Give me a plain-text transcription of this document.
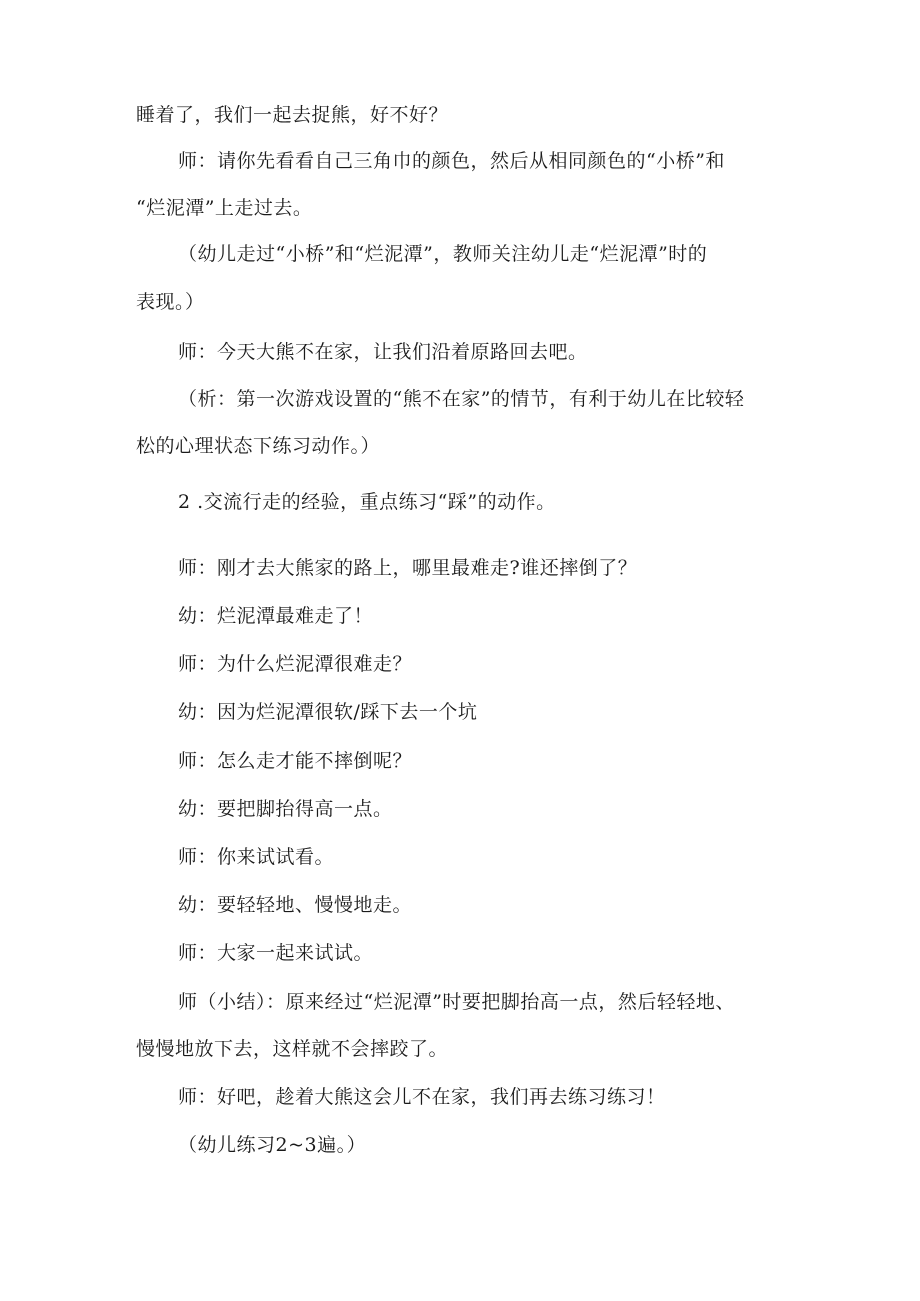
睡着了，我们一起去捉熊，好不好？
师：请你先看看自己三角巾的颜色，然后从相同颜色的“小桥”和
“烂泥潭”上走过去。
（幼儿走过“小桥”和“烂泥潭”，教师关注幼儿走“烂泥潭”时的
表现。）
师：今天大熊不在家，让我们沿着原路回去吧。
（析：第一次游戏设置的“熊不在家”的情节，有利于幼儿在比较轻
松的心理状态下练习动作。）
2 .交流行走的经验，重点练习“踩”的动作。
师：刚才去大熊家的路上，哪里最难走?谁还摔倒了？
幼：烂泥潭最难走了！
师：为什么烂泥潭很难走？
幼：因为烂泥潭很软/踩下去一个坑
师：怎么走才能不摔倒呢？
幼：要把脚抬得高一点。
师：你来试试看。
幼：要轻轻地、慢慢地走。
师：大家一起来试试。
师（小结）：原来经过“烂泥潭”时要把脚抬高一点，然后轻轻地、
慢慢地放下去，这样就不会摔跤了。
师：好吧，趁着大熊这会儿不在家，我们再去练习练习！
（幼儿练习2~3遍。）
